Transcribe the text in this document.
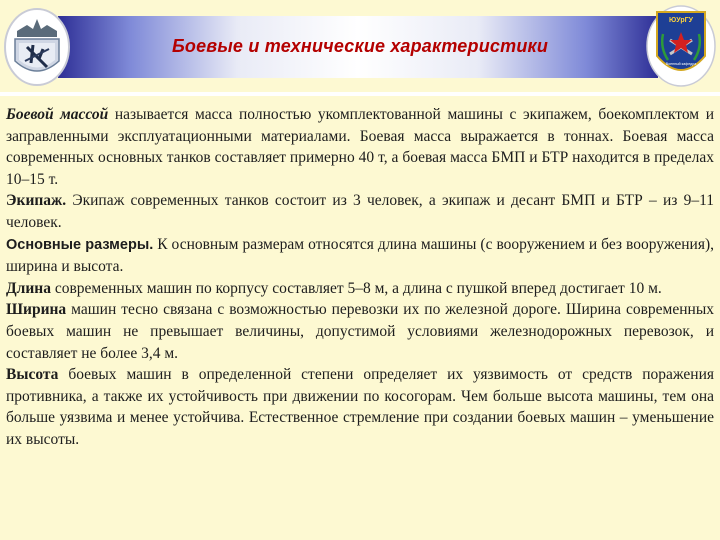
ЮУрГУ
Военный кафедра
Боевые и технические характеристики

Боевой массой называется масса полностью укомплектованной машины с экипажем, боекомплектом и заправленными эксплуатационными материалами. Боевая масса выражается в тоннах. Боевая масса современных основных танков составляет примерно 40 т, а боевая масса БМП и БТР находится в пределах 10–15 т.

Экипаж. Экипаж современных танков состоит из 3 человек, а экипаж и десант БМП и БТР – из 9–11 человек.

Основные размеры. К основным размерам относятся длина машины (с вооружением и без вооружения), ширина и высота.

Длина современных машин по корпусу составляет 5–8 м, а длина с пушкой вперед достигает 10 м.

Ширина машин тесно связана с возможностью перевозки их по железной дороге. Ширина современных боевых машин не превышает величины, допустимой условиями железнодорожных перевозок, и составляет не более 3,4 м.

Высота боевых машин в определенной степени определяет их уязвимость от средств поражения противника, а также их устойчивость при движении по косогорам. Чем больше высота машины, тем она больше уязвима и менее устойчива. Естественное стремление при создании боевых машин – уменьшение их высоты.
